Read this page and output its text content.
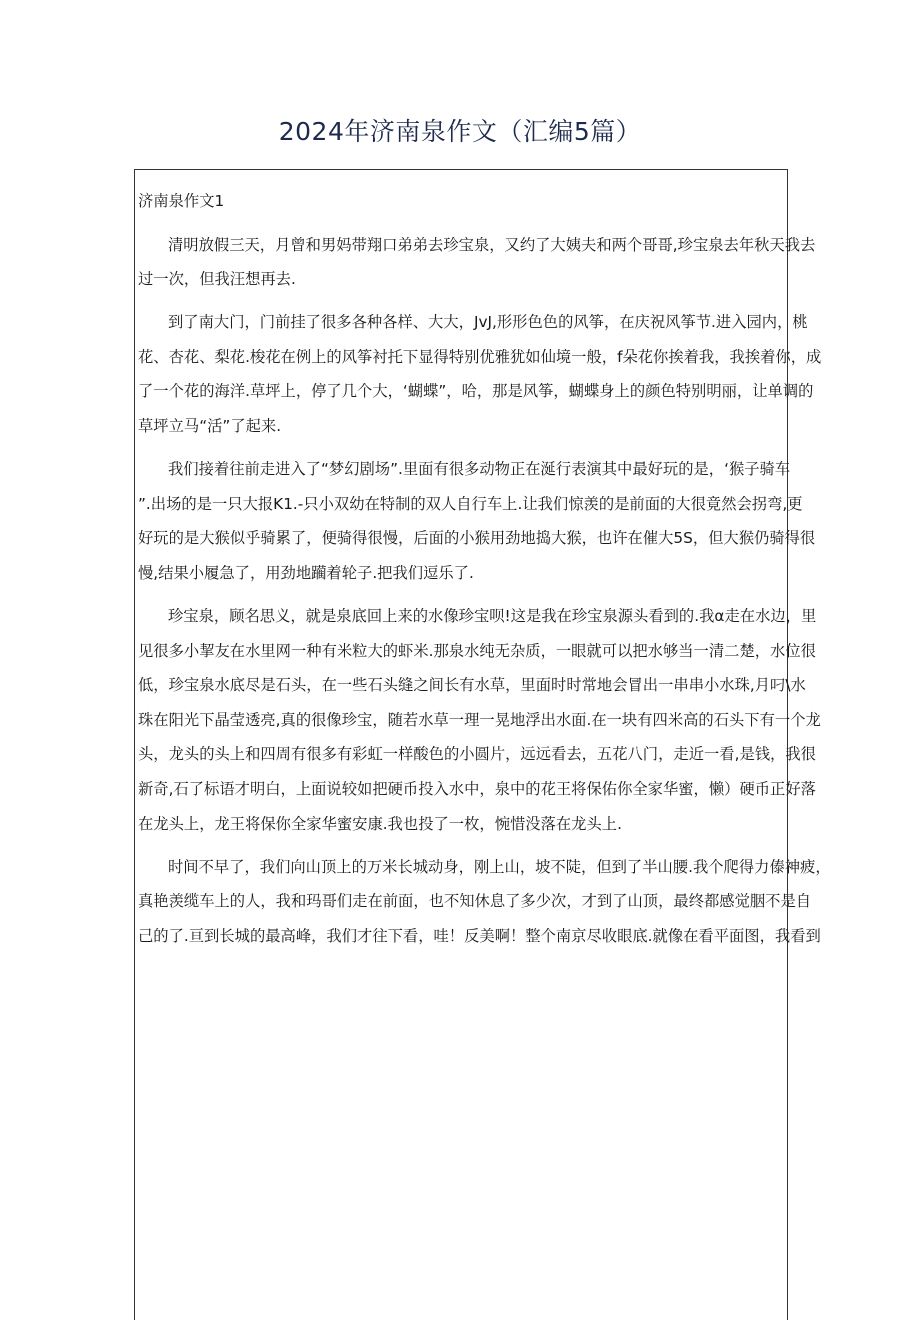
2024年济南泉作文（汇编5篇）
济南泉作文1
清明放假三天，月曾和男妈带翔口弟弟去珍宝泉，又约了大姨夫和两个哥哥,珍宝泉去年秋天我去
过一次，但我汪想再去.
到了南大门，门前挂了很多各种各样、大大，JvJ,形形色色的风筝，在庆祝风筝节.进入园内，桃
花、杏花、梨花.梭花在例上的风筝衬托下显得特别优雅犹如仙境一般，f朵花你挨着我，我挨着你，成
了一个花的海洋.草坪上，停了几个大，‘蝴蝶”，哈，那是风筝，蝴蝶身上的颜色特别明丽，让单调的
草坪立马“活”了起来.
我们接着往前走进入了“梦幻剧场”.里面有很多动物正在涎行表演其中最好玩的是，‘猴子骑车
”.出场的是一只大报K1.-只小双幼在特制的双人自行车上.让我们惊羡的是前面的大很竟然会拐弯,更
好玩的是大猴似乎骑累了，便骑得很慢，后面的小猴用劲地捣大猴，也许在催大5S，但大猴仍骑得很
慢,结果小履急了，用劲地躏着轮子.把我们逗乐了.
珍宝泉，顾名思义，就是泉底回上来的水像珍宝呗!这是我在珍宝泉源头看到的.我α走在水边，里
见很多小挈友在水里网一种有米粒大的虾米.那泉水纯无杂质，一眼就可以把水够当一清二楚，水位很
低，珍宝泉水底尽是石头，在一些石头缝之间长有水草，里面时时常地会冒出一串串小水珠,月叼\水
珠在阳光下晶莹透亮,真的很像珍宝，随若水草一理一晃地浮出水面.在一块有四米高的石头下有一个龙
头，龙头的头上和四周有很多有彩虹一样酸色的小圆片，远远看去，五花八门，走近一看,是钱，我很
新奇,石了标语才明白，上面说较如把硬币投入水中，泉中的花王将保佑你全家华蜜，懒）硬币正好落
在龙头上，龙王将保你全家华蜜安康.我也投了一枚，惋惜没落在龙头上.
时间不早了，我们向山顶上的万米长城动身，刚上山，坡不陡，但到了半山腰.我个爬得力傣神疲，
真艳羡缆车上的人，我和玛哥们走在前面，也不知休息了多少次，才到了山顶，最终都感觉胭不是自
己的了.亘到长城的最高峰，我们才往下看，哇！反美啊！整个南京尽收眼底.就像在看平面图，我看到
